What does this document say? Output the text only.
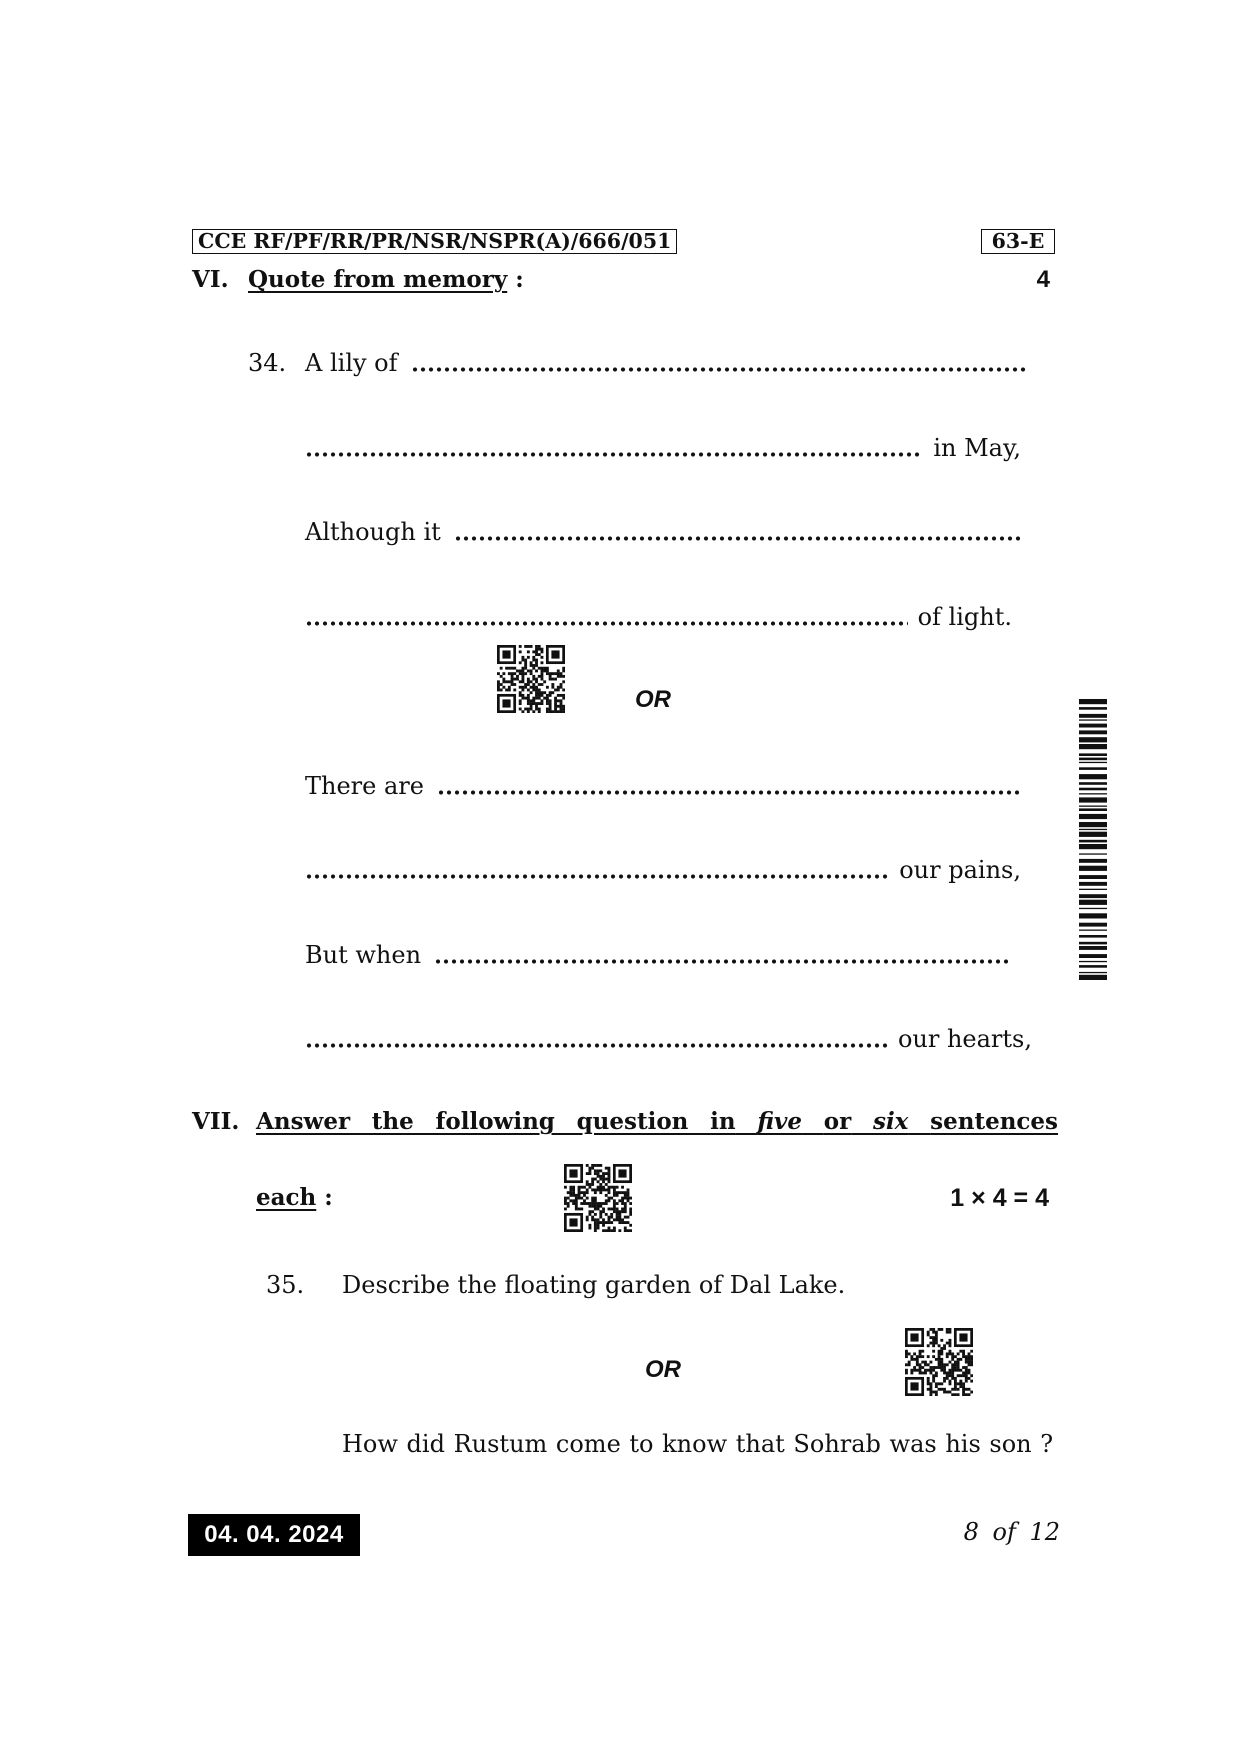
CCE RF/PF/RR/PR/NSR/NSPR(A)/666/051	63-E
VI. Quote from memory :	4
34. A lily of
in May,
Although it
of light.
OR
There are
our pains,
But when
our hearts,
VII. Answer the following question in five or six sentences
each :	1 × 4 = 4
35. Describe the floating garden of Dal Lake.
OR
How did Rustum come to know that Sohrab was his son ?
04. 04. 2024	8 of 12
